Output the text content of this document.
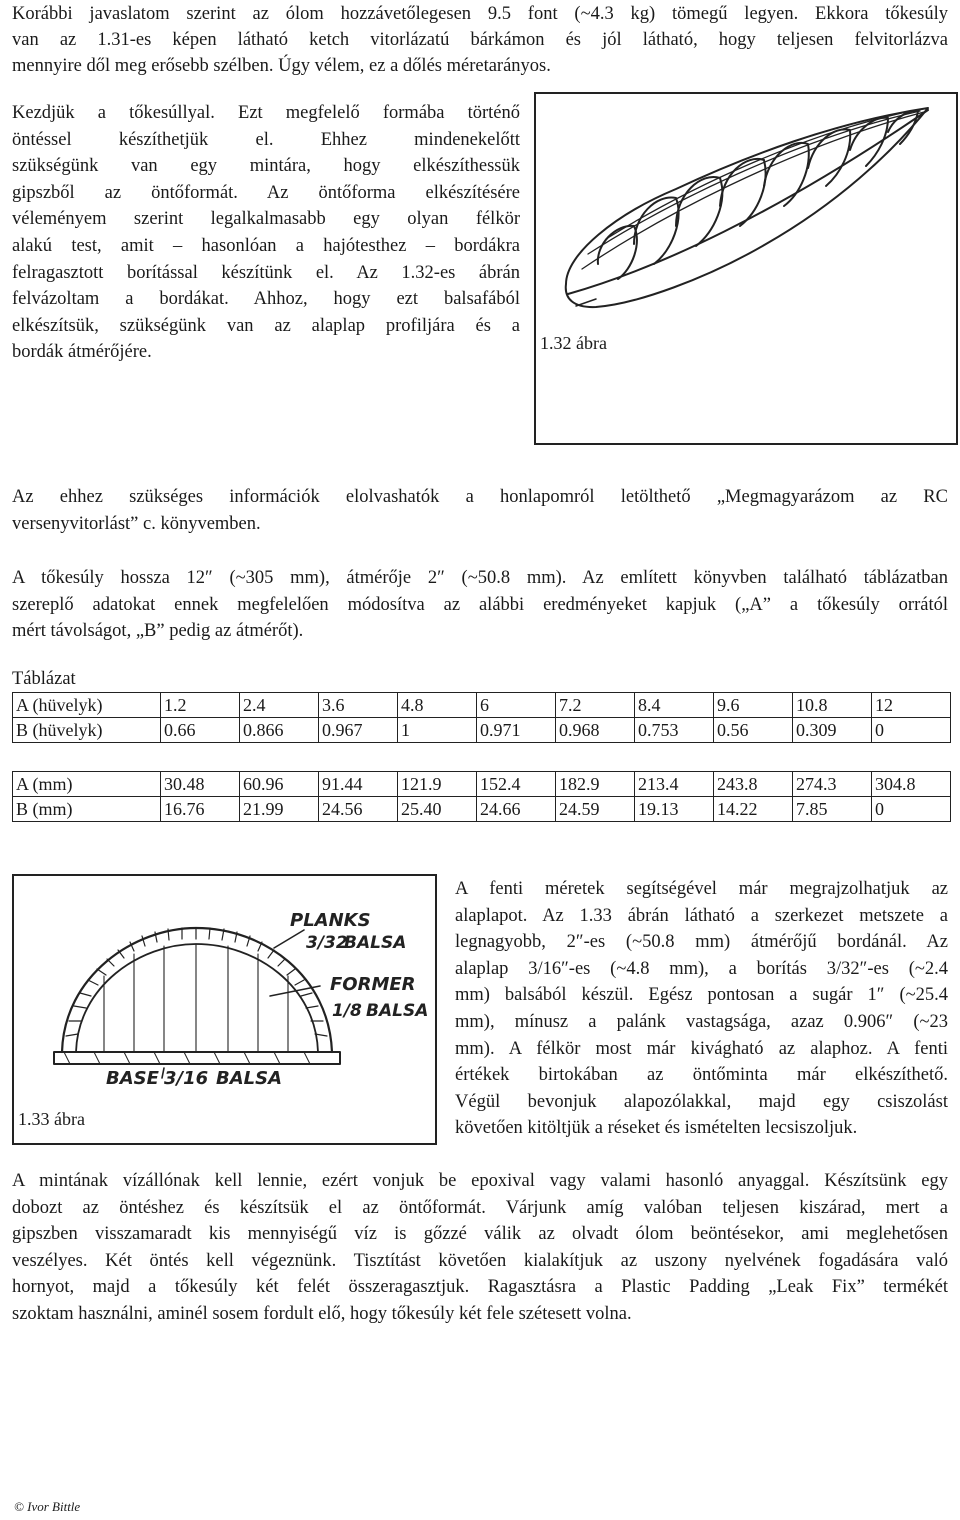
Korábbi javaslatom szerint az ólom hozzávetőlegesen 9.5 font (~4.3 kg) tömegű legyen. Ekkora tőkesúly
van az 1.31-es képen látható ketch vitorlázatú bárkámon és jól látható, hogy teljesen felvitorlázva
mennyire dől meg erősebb szélben. Úgy vélem, ez a dőlés méretarányos.
Kezdjük a tőkesúllyal. Ezt megfelelő formába történő
öntéssel készíthetjük el. Ehhez mindenekelőtt
szükségünk van egy mintára, hogy elkészíthessük
gipszből az öntőformát. Az öntőforma elkészítésére
véleményem szerint legalkalmasabb egy olyan félkör
alakú test, amit – hasonlóan a hajótesthez – bordákra
felragasztott borítással készítünk el. Az 1.32-es ábrán
felvázoltam a bordákat. Ahhoz, hogy ezt balsafából
elkészítsük, szükségünk van az alaplap profiljára és a
bordák átmérőjére.	1.32 ábra
Az ehhez szükséges információk elolvashatók a honlapomról letölthető „Megmagyarázom az RC
versenyvitorlást” c. könyvemben.
A tőkesúly hossza 12″ (~305 mm), átmérője 2″ (~50.8 mm). Az említett könyvben található táblázatban
szereplő adatokat ennek megfelelően módosítva az alábbi eredményeket kapjuk („A” a tőkesúly orrától
mért távolságot, „B” pedig az átmérőt).
Táblázat
A (hüvelyk)	1.2	2.4	3.6	4.8	6	7.2	8.4	9.6	10.8	12
B (hüvelyk)	0.66	0.866	0.967	1	0.971	0.968	0.753	0.56	0.309	0
A (mm)	30.48	60.96	91.44	121.9	152.4	182.9	213.4	243.8	274.3	304.8
B (mm)	16.76	21.99	24.56	25.40	24.66	24.59	19.13	14.22	7.85	0
PLANKS
3/32
BALSA
FORMER
1/8 BALSA
BASE 3/16 BALSA
1.33 ábra
A fenti méretek segítségével már megrajzolhatjuk az
alaplapot. Az 1.33 ábrán látható a szerkezet metszete a
legnagyobb, 2″-es (~50.8 mm) átmérőjű bordánál. Az
alaplap 3/16″-es (~4.8 mm), a borítás 3/32″-es (~2.4
mm) balsából készül. Egész pontosan a sugár 1″ (~25.4
mm), mínusz a palánk vastagsága, azaz 0.906″ (~23
mm). A félkör most már kivágható az alaphoz. A fenti
értékek birtokában az öntőminta már elkészíthető.
Végül bevonjuk alapozólakkal, majd egy csiszolást
követően kitöltjük a réseket és ismételten lecsiszoljuk.
A mintának vízállónak kell lennie, ezért vonjuk be epoxival vagy valami hasonló anyaggal. Készítsünk egy
dobozt az öntéshez és készítsük el az öntőformát. Várjunk amíg valóban teljesen kiszárad, mert a
gipszben visszamaradt kis mennyiségű víz is gőzzé válik az olvadt ólom beöntésekor, ami meglehetősen
veszélyes. Két öntés kell végeznünk. Tisztítást követően kialakítjuk az uszony nyelvének fogadására való
hornyot, majd a tőkesúly két felét összeragasztjuk. Ragasztásra a Plastic Padding „Leak Fix” termékét
szoktam használni, aminél sosem fordult elő, hogy tőkesúly két fele szétesett volna.
© Ivor Bittle
